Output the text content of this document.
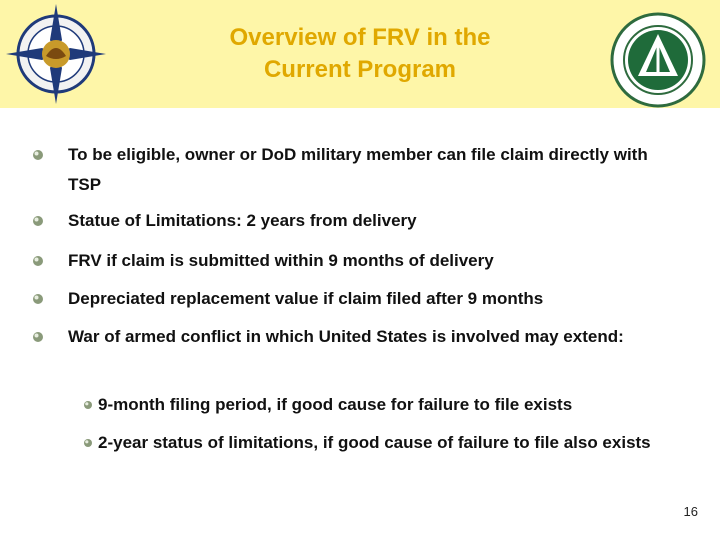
Overview of FRV in the
Current Program
To be eligible, owner or DoD military member can file claim directly with TSP
Statue of Limitations: 2 years from delivery
FRV if claim is submitted within 9 months of delivery
Depreciated replacement value if claim filed after 9 months
War of armed conflict in which United States is involved may extend:
9-month filing period, if good cause for failure to file exists
2-year status of limitations, if good cause of failure to file also exists
16
